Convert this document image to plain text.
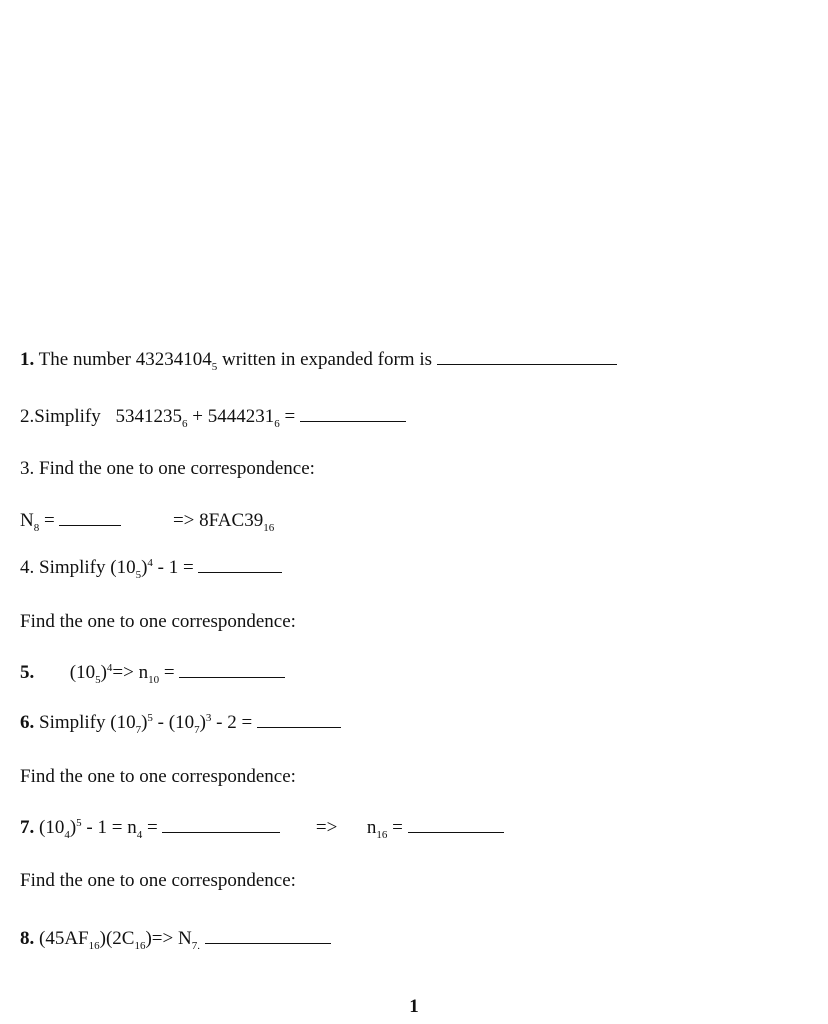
1. The number $43234104_5$ written in expanded form is
2.Simplify $5341235_6 + 5444231_6$ =
3. Find the one to one correspondence:
$N_8$ =	=> $8FAC39_{16}$
4. Simplify $(10_5)^4 - 1$ =
Find the one to one correspondence:
5. $(10_5)^4=> n_{10}$ =
6. Simplify $(10_7)^5 - (10_7)^3 - 2$ =
Find the one to one correspondence:
7. $(10_4)^5 - 1 = n_4$ =	=> $n_{16}$ =
Find the one to one correspondence:
8. $(45AF_{16})(2C_{16})=> N_{7.}$
1
